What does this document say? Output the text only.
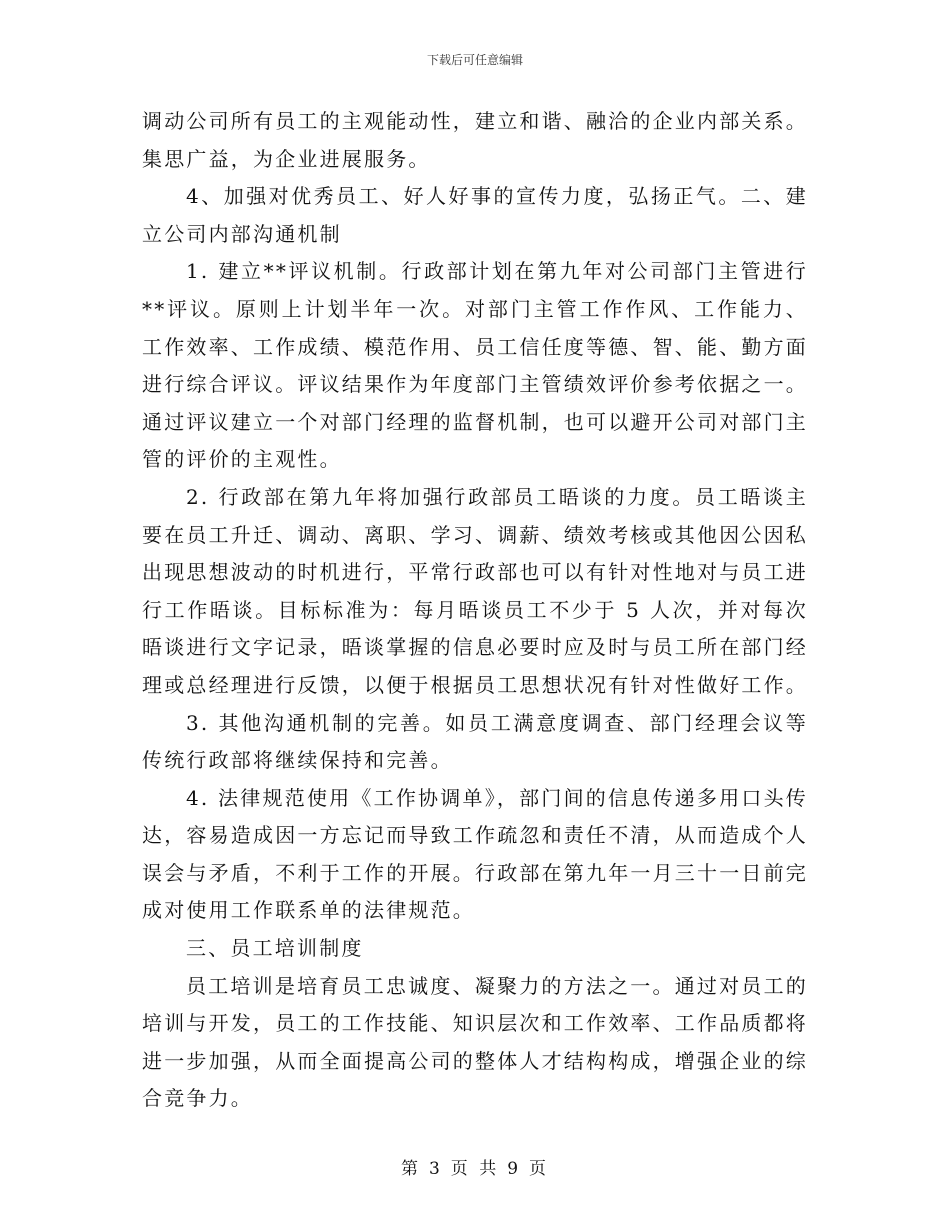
下载后可任意编辑

调动公司所有员工的主观能动性，建立和谐、融洽的企业内部关系。集思广益，为企业进展服务。

4、加强对优秀员工、好人好事的宣传力度，弘扬正气。二、建立公司内部沟通机制

1. 建立**评议机制。行政部计划在第九年对公司部门主管进行**评议。原则上计划半年一次。对部门主管工作作风、工作能力、工作效率、工作成绩、模范作用、员工信任度等德、智、能、勤方面进行综合评议。评议结果作为年度部门主管绩效评价参考依据之一。通过评议建立一个对部门经理的监督机制，也可以避开公司对部门主管的评价的主观性。

2. 行政部在第九年将加强行政部员工晤谈的力度。员工晤谈主要在员工升迁、调动、离职、学习、调薪、绩效考核或其他因公因私出现思想波动的时机进行，平常行政部也可以有针对性地对与员工进行工作晤谈。目标标准为：每月晤谈员工不少于 5 人次，并对每次晤谈进行文字记录，晤谈掌握的信息必要时应及时与员工所在部门经理或总经理进行反馈，以便于根据员工思想状况有针对性做好工作。

3. 其他沟通机制的完善。如员工满意度调查、部门经理会议等传统行政部将继续保持和完善。

4. 法律规范使用《工作协调单》，部门间的信息传递多用口头传达，容易造成因一方忘记而导致工作疏忽和责任不清，从而造成个人误会与矛盾，不利于工作的开展。行政部在第九年一月三十一日前完成对使用工作联系单的法律规范。

三、员工培训制度

员工培训是培育员工忠诚度、凝聚力的方法之一。通过对员工的培训与开发，员工的工作技能、知识层次和工作效率、工作品质都将进一步加强，从而全面提高公司的整体人才结构构成，增强企业的综合竞争力。

第 3 页 共 9 页
